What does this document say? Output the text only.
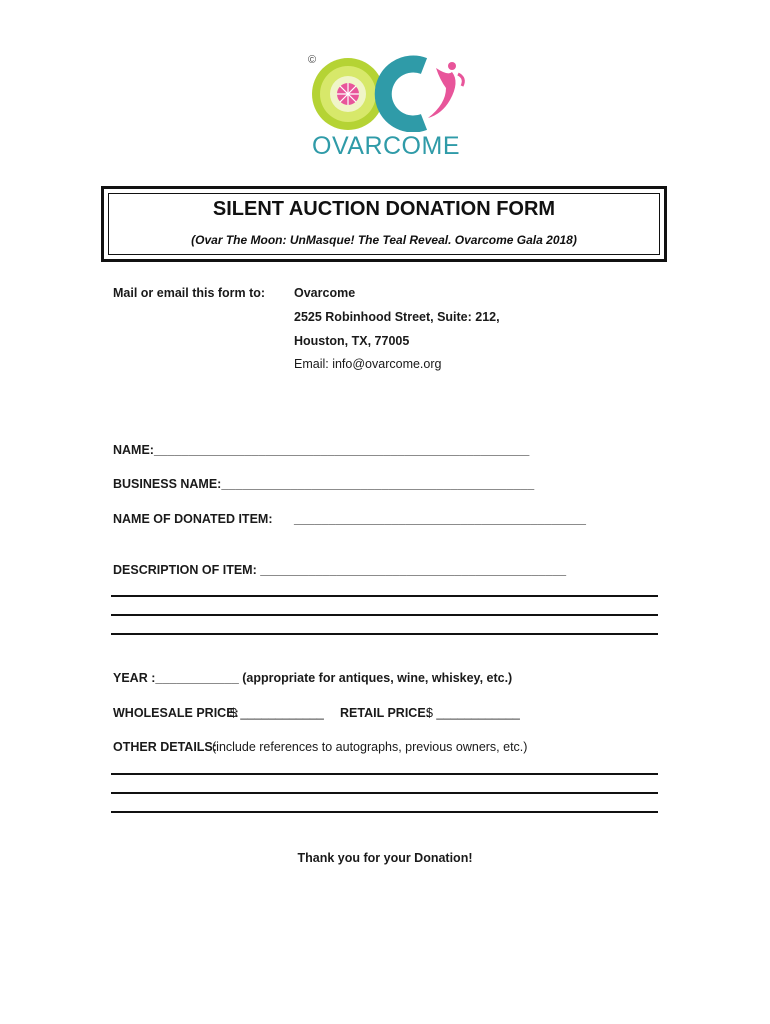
©
OVARCOME
SILENT AUCTION DONATION FORM
(Ovar The Moon: UnMasque! The Teal Reveal. Ovarcome Gala 2018)
Mail or email this form to: Ovarcome
2525 Robinhood Street, Suite: 212,
Houston, TX, 77005
Email: info@ovarcome.org
NAME:______________________________________________________
BUSINESS NAME:_____________________________________________
NAME OF DONATED ITEM: __________________________________________
DESCRIPTION OF ITEM: ____________________________________________
YEAR :____________ (appropriate for antiques, wine, whiskey, etc.)
WHOLESALE PRICE:
$ ____________ RETAIL PRICE:
$ ____________
OTHER DETAILS:
(include references to autographs, previous owners, etc.)
Thank you for your Donation!
